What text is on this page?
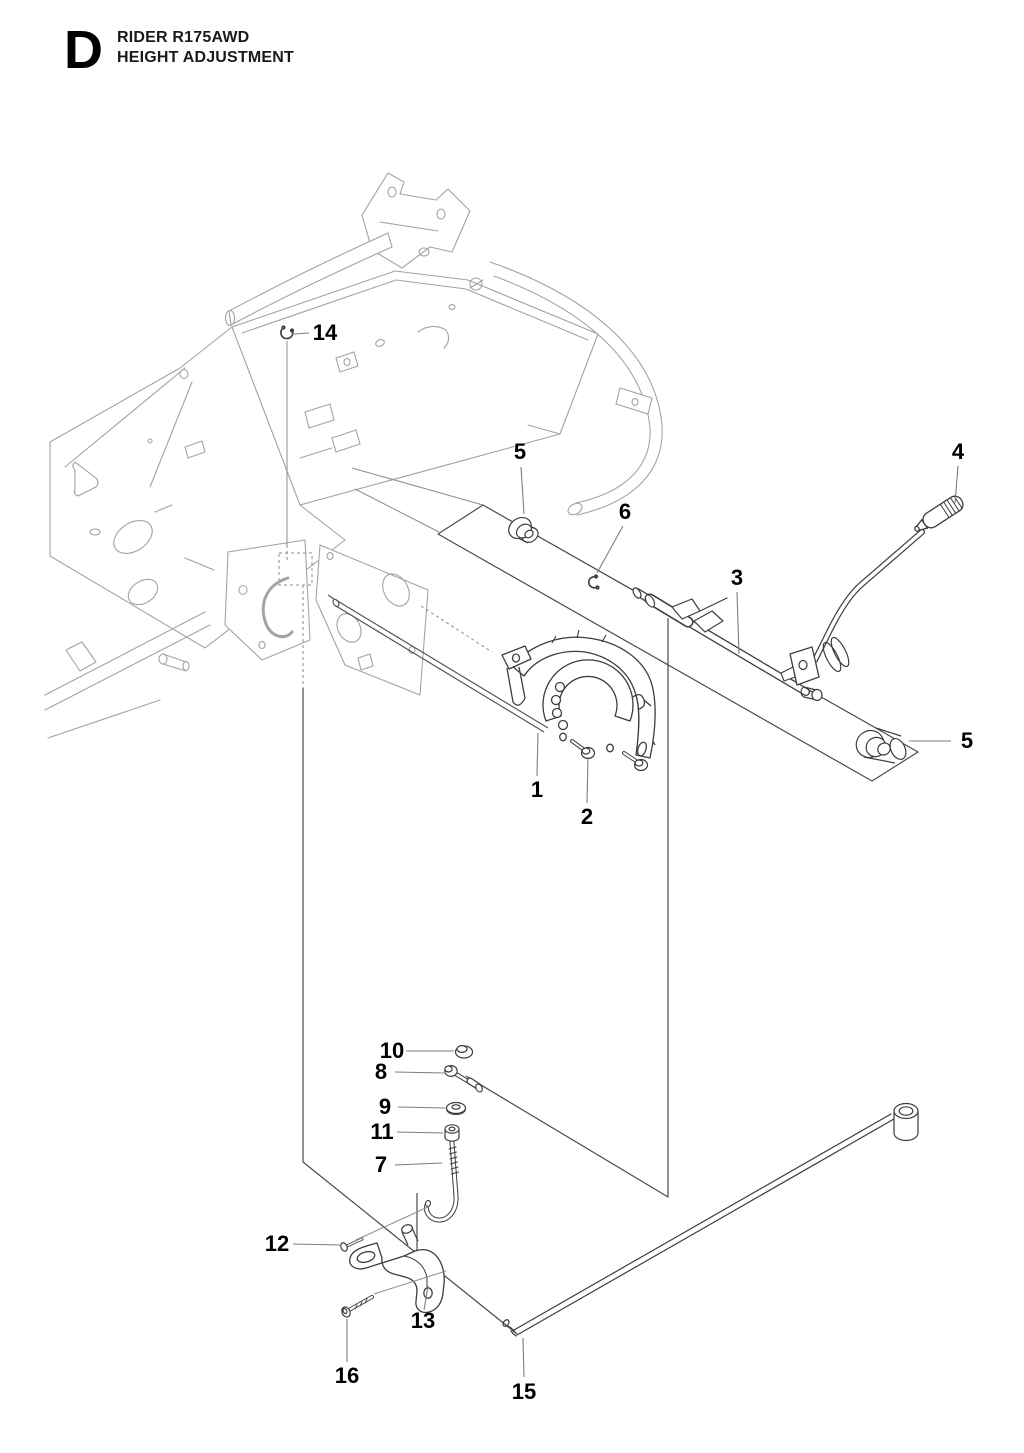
D RIDER R175AWD
HEIGHT ADJUSTMENT
14
5	4
6
3
5
1
2
10
8
9
11
7
12
13
16
15
